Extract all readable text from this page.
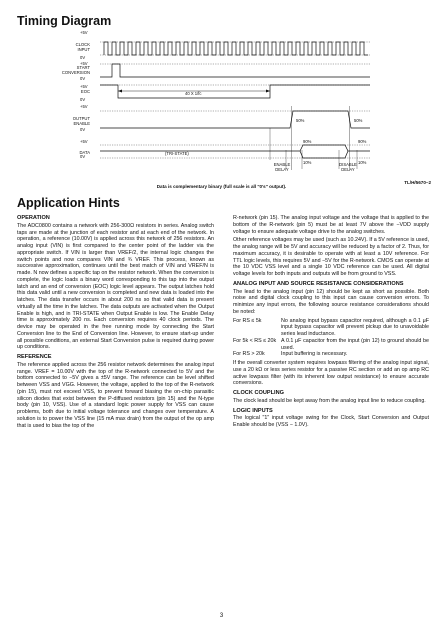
Timing Diagram
CLOCK INPUT
+5V
0V
START CONVERSION
+5V
0V
EOC
+5V
0V
40 X 1/fc
OUTPUT ENABLE
+5V
0V
50%	50%
DATA
+5V
0V
90%
10%
90%
10%
(TRI-STATE)
ENABLE DELAY
DISABLE DELAY
TL/H/5670–2
Data is complementary binary (full scale is all "0's" output).
Application Hints
OPERATION

The ADC0800 contains a network with 256-300Ω resistors in series. Analog switch taps are made at the junction of each resistor and at each end of the network. In operation, a reference (10.00V) is applied across this network of 256 resistors. An analog input (VIN) is first compared to the center point of the ladder via the appropriate switch. If VIN is larger than VREF/2, the internal logic changes the switch points and now compares VIN and ¾ VREF. This process, known as successive approximation, continues until the best match of VIN and VREF/N is made. N now defines a specific tap on the resistor network. When the conversion is complete, the logic loads a binary word corresponding to this tap into the output latch and an end of conversion (EOC) logic level appears. The output latches hold this data valid until a new conversion is completed and new data is loaded into the latches. The data transfer occurs in about 200 ns so that valid data is present virtually all the time in the latches. The data outputs are activated when the Output Enable is high, and in TRI-STATE when Output Enable is low. The Enable Delay time is approximately 200 ns. Each conversion requires 40 clock periods. The device may be operated in the free running mode by connecting the Start Conversion line to the End of Conversion line. However, to ensure start-up under all possible conditions, an external Start Conversion pulse is required during power up conditions.

REFERENCE

The reference applied across the 256 resistor network determines the analog input range. VREF = 10.00V with the top of the R-network connected to 5V and the bottom connected to −5V gives a ±5V range. The reference can be level shifted between VSS and VGG. However, the voltage, applied to the top of the R-network (pin 15), must not exceed VSS, to prevent forward biasing the on-chip parasitic silicon diodes that exist between the P-diffused resistors (pin 15) and the N-type body (pin 10, VSS). Use of a standard logic power supply for VSS can cause problems, both due to initial voltage tolerance and changes over temperature. A solution is to power the VSS line (15 mA max drain) from the output of the op amp that is used to bias the top of the

R-network (pin 15). The analog input voltage and the voltage that is applied to the bottom of the R-network (pin 5) must be at least 7V above the −VDD supply voltage to ensure adequate voltage drive to the analog switches.

Other reference voltages may be used (such as 10.24V). If a 5V reference is used, the analog range will be 5V and accuracy will be reduced by a factor of 2. Thus, for maximum accuracy, it is desirable to operate with at least a 10V reference. For TTL logic levels, this requires 5V and −5V for the R-network. CMOS can operate at the 10 VDC VSS level and a single 10 VDC reference can be used. All digital voltage levels for both inputs and outputs will be from ground to VSS.

ANALOG INPUT AND SOURCE RESISTANCE CONSIDERATIONS

The lead to the analog input (pin 12) should be kept as short as possible. Both noise and digital clock coupling to this input can cause conversion errors. To minimize any input errors, the following source resistance considerations should be noted:

For RS ≤ 5k	No analog input bypass capacitor required, although a 0.1 μF input bypass capacitor will prevent pickup due to unavoidable series lead inductance.
For 5k < RS ≤ 20k	A 0.1 μF capacitor from the input (pin 12) to ground should be used.
For RS > 20k	Input buffering is necessary.

If the overall converter system requires lowpass filtering of the analog input signal, use a 20 kΩ or less series resistor for a passive RC section or add an op amp RC active lowpass filter (with its inherent low output resistance) to ensure accurate conversions.

CLOCK COUPLING

The clock lead should be kept away from the analog input line to reduce coupling.

LOGIC INPUTS

The logical "1" input voltage swing for the Clock, Start Conversion and Output Enable should be (VSS − 1.0V).

3
